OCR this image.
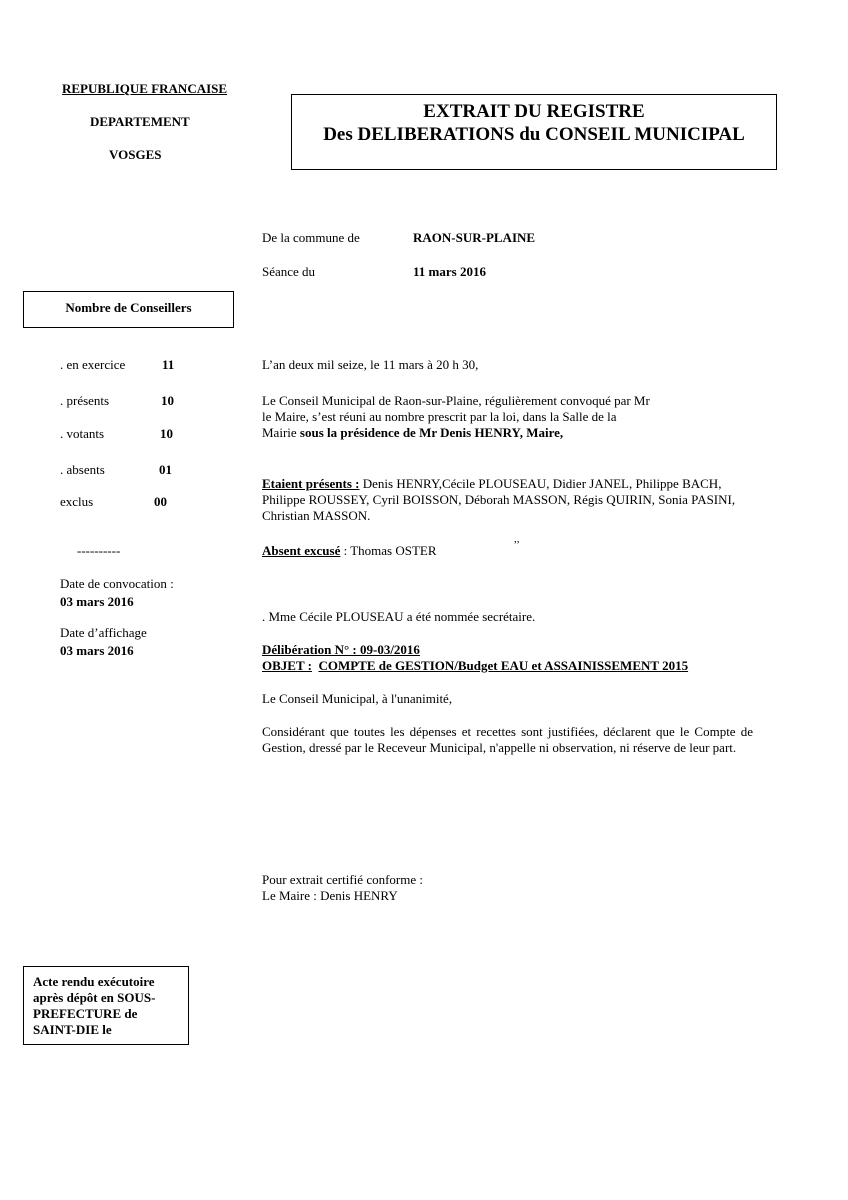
REPUBLIQUE FRANCAISE
DEPARTEMENT
VOSGES
EXTRAIT DU REGISTRE
Des DELIBERATIONS du CONSEIL MUNICIPAL
De la commune de	RAON-SUR-PLAINE
Séance du	11 mars 2016
Nombre de Conseillers
. en exercice	11
. présents	10
. votants	10
. absents	01
exclus	00
----------
Date de convocation :
03 mars 2016
Date d’affichage
03 mars 2016
L’an deux mil seize, le 11 mars à 20 h 30,
Le Conseil Municipal de Raon-sur-Plaine, régulièrement convoqué par Mr
le Maire, s’est réuni au nombre prescrit par la loi, dans la Salle de la
Mairie sous la présidence de Mr Denis HENRY, Maire,
Etaient présents : Denis HENRY,Cécile PLOUSEAU, Didier JANEL, Philippe BACH, Philippe ROUSSEY, Cyril BOISSON, Déborah MASSON, Régis QUIRIN, Sonia PASINI, Christian MASSON.
,,
Absent excusé : Thomas OSTER
. Mme Cécile PLOUSEAU a été nommée secrétaire.
Délibération N° : 09-03/2016
OBJET : COMPTE de GESTION/Budget EAU et ASSAINISSEMENT 2015
Le Conseil Municipal, à l'unanimité,
Considérant que toutes les dépenses et recettes sont justifiées, déclarent que le Compte de Gestion, dressé par le Receveur Municipal, n'appelle ni observation, ni réserve de leur part.
Pour extrait certifié conforme :
Le Maire : Denis HENRY
Acte rendu exécutoire après dépôt en SOUS-PREFECTURE de SAINT-DIE le
